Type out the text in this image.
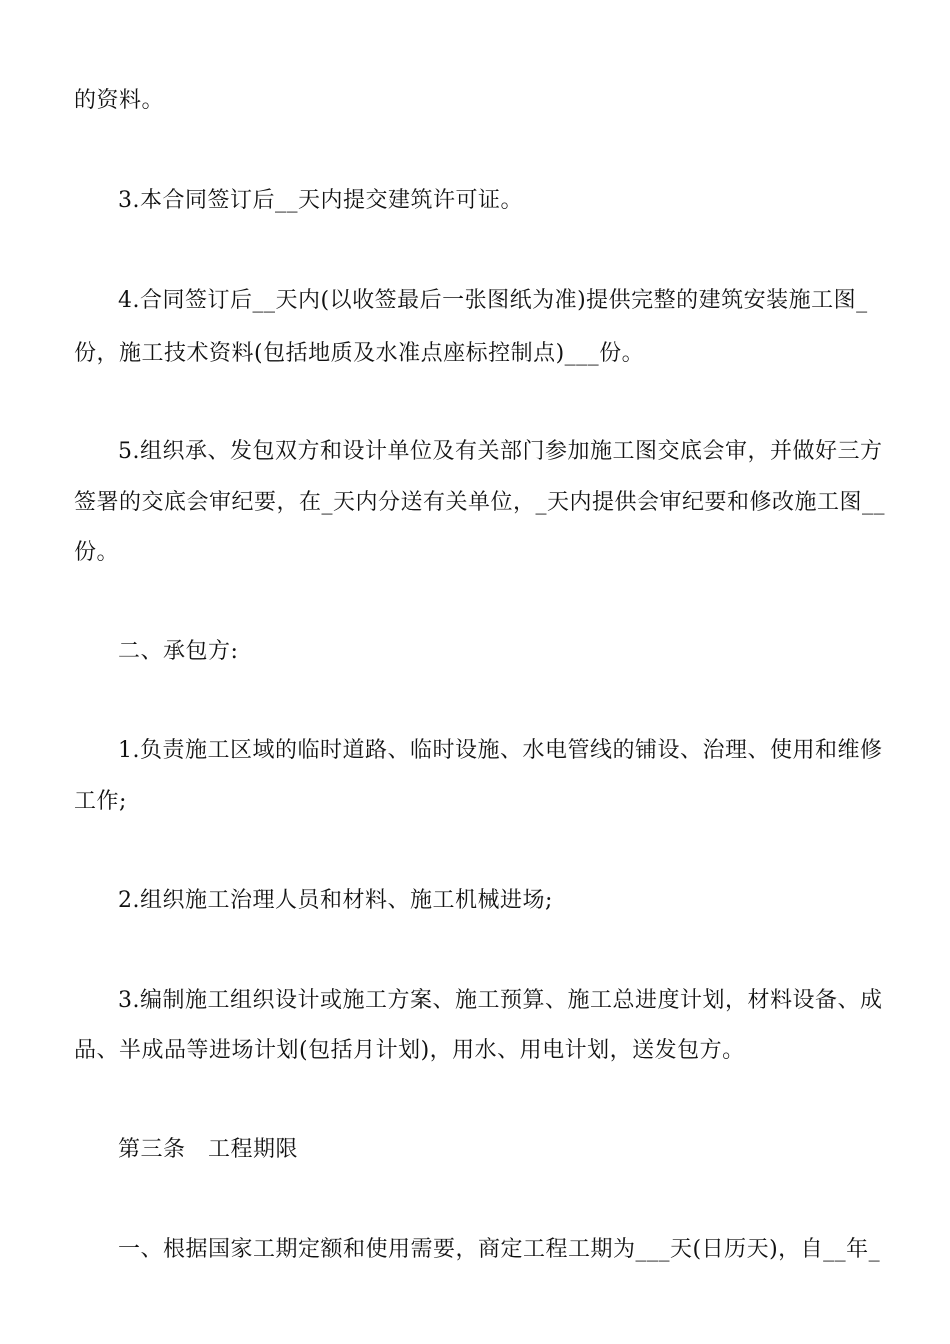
的资料。
3.本合同签订后__天内提交建筑许可证。
4.合同签订后__天内(以收签最后一张图纸为准)提供完整的建筑安装施工图_
份，施工技术资料(包括地质及水准点座标控制点)___份。
5.组织承、发包双方和设计单位及有关部门参加施工图交底会审，并做好三方
签署的交底会审纪要，在_天内分送有关单位，_天内提供会审纪要和修改施工图__
份。
二、承包方:
1.负责施工区域的临时道路、临时设施、水电管线的铺设、治理、使用和维修
工作;
2.组织施工治理人员和材料、施工机械进场;
3.编制施工组织设计或施工方案、施工预算、施工总进度计划，材料设备、成
品、半成品等进场计划(包括月计划)，用水、用电计划，送发包方。
第三条　工程期限
一、根据国家工期定额和使用需要，商定工程工期为___天(日历天)，自__年_
